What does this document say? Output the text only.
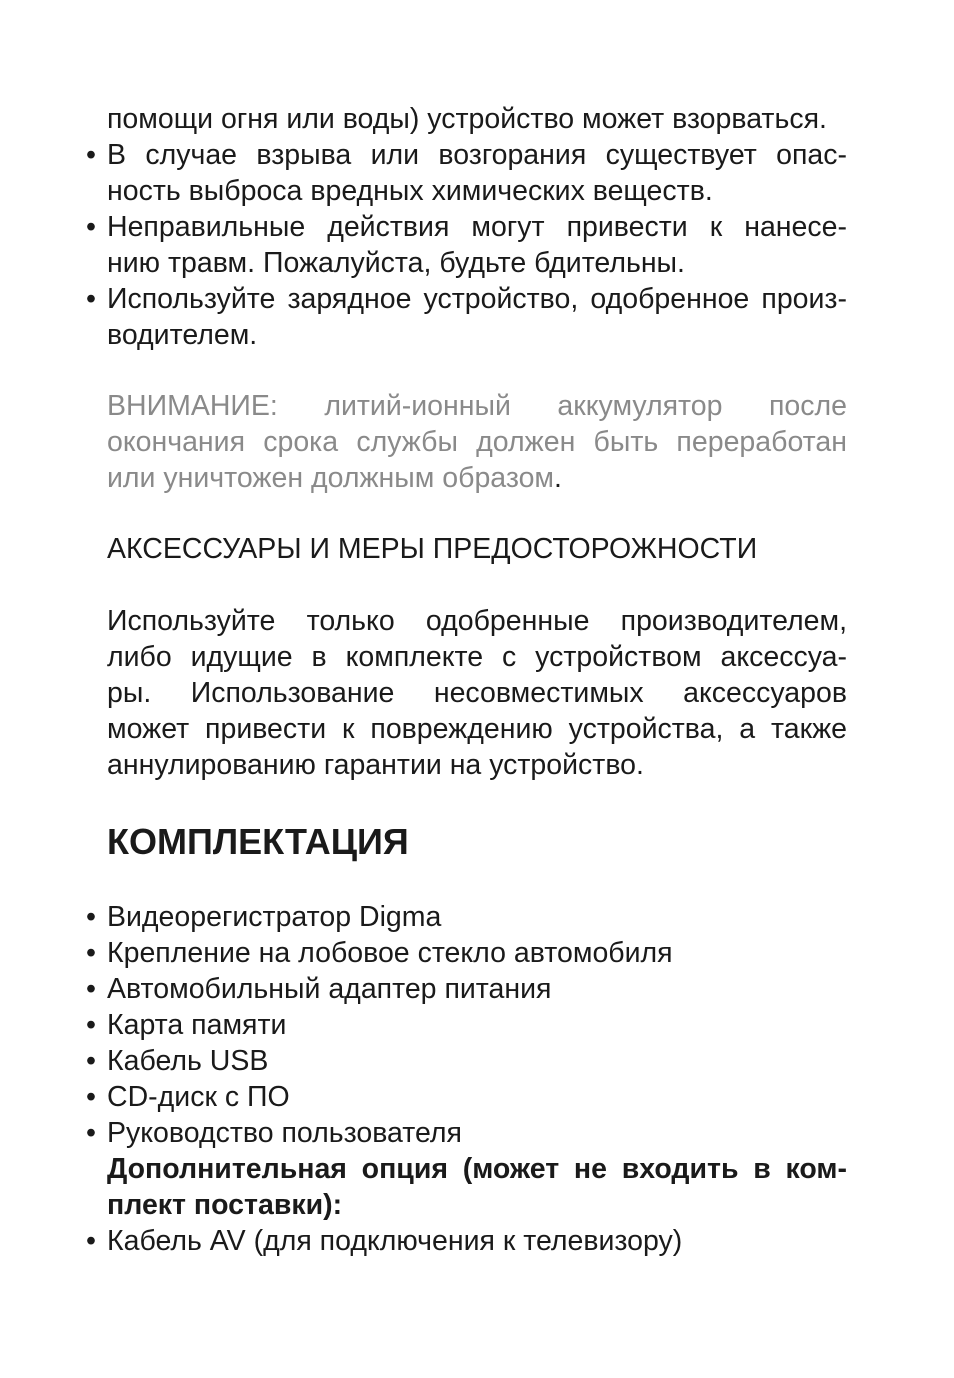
помощи огня или воды) устройство может взорваться.
• В случае взрыва или возгорания существует опас-
ность выброса вредных химических веществ.
• Неправильные действия могут привести к нанесе-
нию травм. Пожалуйста, будьте бдительны.
• Используйте зарядное устройство, одобренное произ-
водителем.
ВНИМАНИЕ: литий-ионный аккумулятор после
окончания срока службы должен быть переработан
или уничтожен должным образом.
АКСЕССУАРЫ И МЕРЫ ПРЕДОСТОРОЖНОСТИ
Используйте только одобренные производителем,
либо идущие в комплекте с устройством аксессуа-
ры. Использование несовместимых аксессуаров
может привести к повреждению устройства, а также
аннулированию гарантии на устройство.
КОМПЛЕКТАЦИЯ
• Видеорегистратор Digma
• Крепление на лобовое стекло автомобиля
• Автомобильный адаптер питания
• Карта памяти
• Кабель USB
• CD-диск с ПО
• Руководство пользователя
Дополнительная опция (может не входить в ком-
плект поставки):
• Кабель AV (для подключения к телевизору)
